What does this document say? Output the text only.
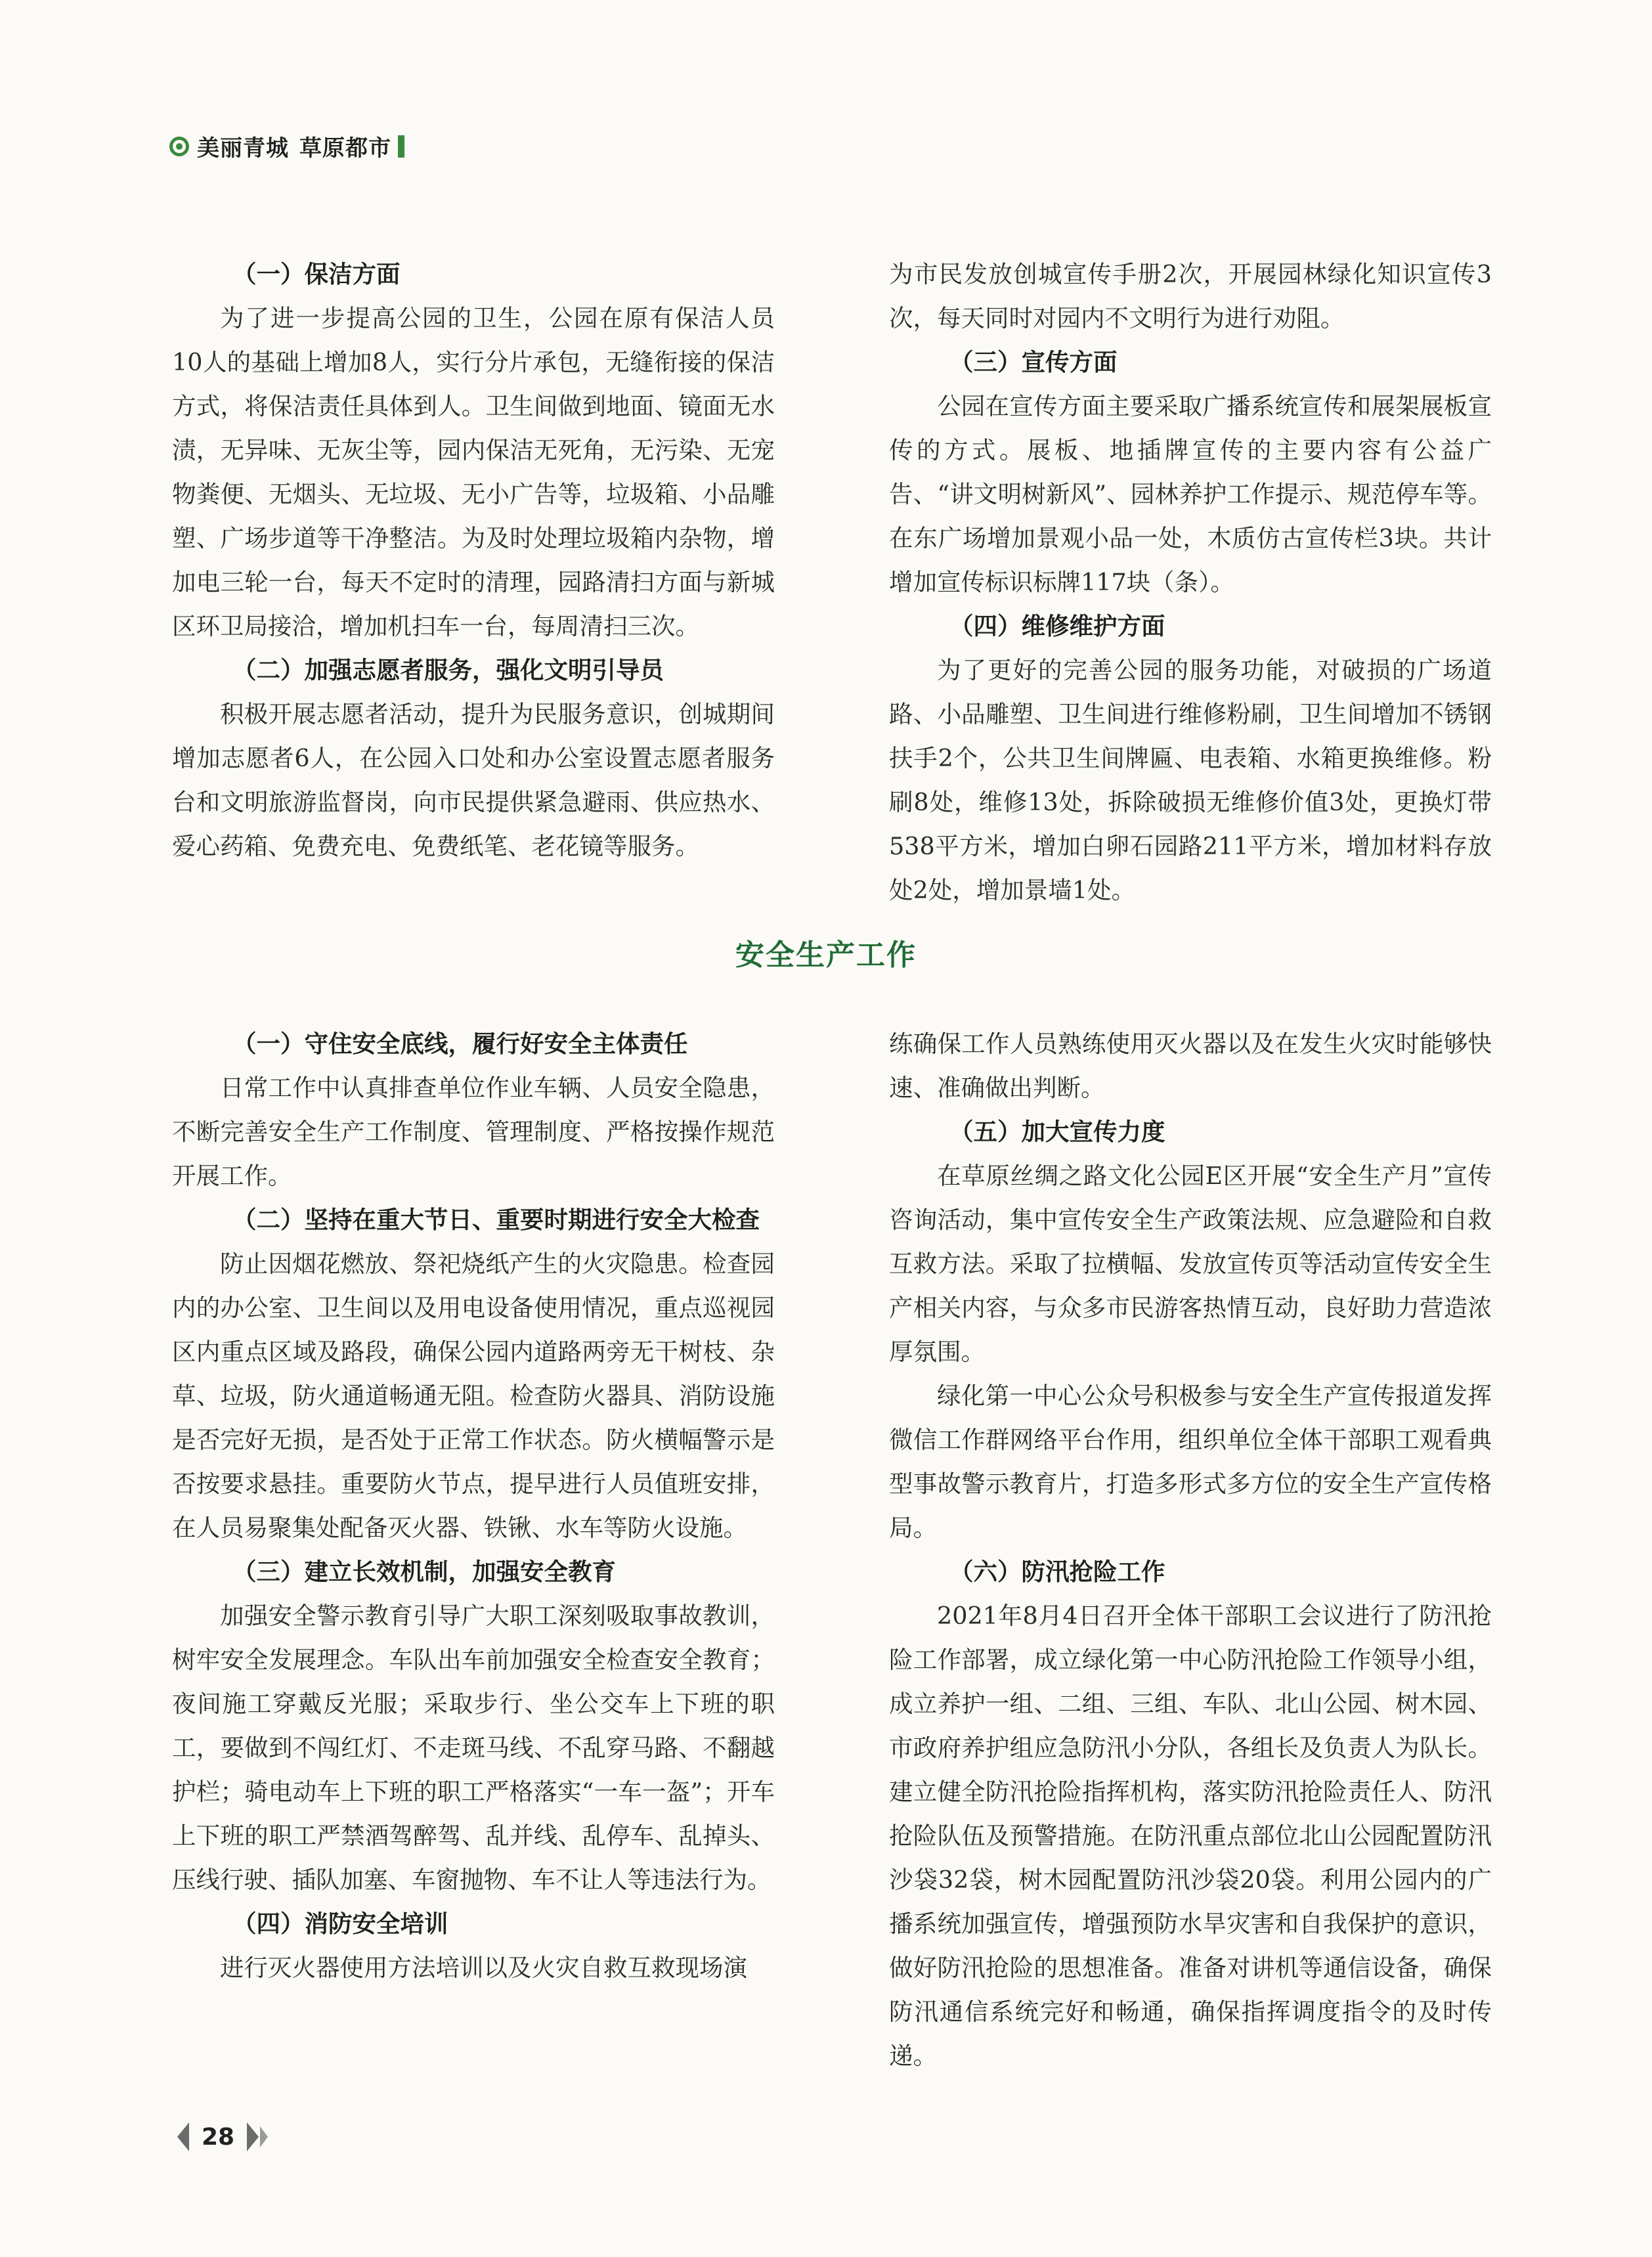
美丽青城 草原都市
（一）保洁方面

为了进一步提高公园的卫生，公园在原有保洁人员10人的基础上增加8人，实行分片承包，无缝衔接的保洁方式，将保洁责任具体到人。卫生间做到地面、镜面无水渍，无异味、无灰尘等，园内保洁无死角，无污染、无宠物粪便、无烟头、无垃圾、无小广告等，垃圾箱、小品雕塑、广场步道等干净整洁。为及时处理垃圾箱内杂物，增加电三轮一台，每天不定时的清理，园路清扫方面与新城区环卫局接洽，增加机扫车一台，每周清扫三次。

（二）加强志愿者服务，强化文明引导员

积极开展志愿者活动，提升为民服务意识，创城期间增加志愿者6人，在公园入口处和办公室设置志愿者服务台和文明旅游监督岗，向市民提供紧急避雨、供应热水、爱心药箱、免费充电、免费纸笔、老花镜等服务。

为市民发放创城宣传手册2次，开展园林绿化知识宣传3次，每天同时对园内不文明行为进行劝阻。

（三）宣传方面

公园在宣传方面主要采取广播系统宣传和展架展板宣传的方式。展板、地插牌宣传的主要内容有公益广告、“讲文明树新风”、园林养护工作提示、规范停车等。在东广场增加景观小品一处，木质仿古宣传栏3块。共计增加宣传标识标牌117块（条）。

（四）维修维护方面

为了更好的完善公园的服务功能，对破损的广场道路、小品雕塑、卫生间进行维修粉刷，卫生间增加不锈钢扶手2个，公共卫生间牌匾、电表箱、水箱更换维修。粉刷8处，维修13处，拆除破损无维修价值3处，更换灯带538平方米，增加白卵石园路211平方米，增加材料存放处2处，增加景墙1处。

安全生产工作
（一）守住安全底线，履行好安全主体责任

日常工作中认真排查单位作业车辆、人员安全隐患，不断完善安全生产工作制度、管理制度、严格按操作规范开展工作。

（二）坚持在重大节日、重要时期进行安全大检查

防止因烟花燃放、祭祀烧纸产生的火灾隐患。检查园内的办公室、卫生间以及用电设备使用情况，重点巡视园区内重点区域及路段，确保公园内道路两旁无干树枝、杂草、垃圾，防火通道畅通无阻。检查防火器具、消防设施是否完好无损，是否处于正常工作状态。防火横幅警示是否按要求悬挂。重要防火节点，提早进行人员值班安排，在人员易聚集处配备灭火器、铁锹、水车等防火设施。

（三）建立长效机制，加强安全教育

加强安全警示教育引导广大职工深刻吸取事故教训，树牢安全发展理念。车队出车前加强安全检查安全教育；夜间施工穿戴反光服；采取步行、坐公交车上下班的职工，要做到不闯红灯、不走斑马线、不乱穿马路、不翻越护栏；骑电动车上下班的职工严格落实“一车一盔”；开车上下班的职工严禁酒驾醉驾、乱并线、乱停车、乱掉头、压线行驶、插队加塞、车窗抛物、车不让人等违法行为。

（四）消防安全培训

进行灭火器使用方法培训以及火灾自救互救现场演

练确保工作人员熟练使用灭火器以及在发生火灾时能够快速、准确做出判断。

（五）加大宣传力度

在草原丝绸之路文化公园E区开展“安全生产月”宣传咨询活动，集中宣传安全生产政策法规、应急避险和自救互救方法。采取了拉横幅、发放宣传页等活动宣传安全生产相关内容，与众多市民游客热情互动，良好助力营造浓厚氛围。

绿化第一中心公众号积极参与安全生产宣传报道发挥微信工作群网络平台作用，组织单位全体干部职工观看典型事故警示教育片，打造多形式多方位的安全生产宣传格局。

（六）防汛抢险工作

2021年8月4日召开全体干部职工会议进行了防汛抢险工作部署，成立绿化第一中心防汛抢险工作领导小组，成立养护一组、二组、三组、车队、北山公园、树木园、市政府养护组应急防汛小分队，各组长及负责人为队长。建立健全防汛抢险指挥机构，落实防汛抢险责任人、防汛抢险队伍及预警措施。在防汛重点部位北山公园配置防汛沙袋32袋，树木园配置防汛沙袋20袋。利用公园内的广播系统加强宣传，增强预防水旱灾害和自我保护的意识，做好防汛抢险的思想准备。准备对讲机等通信设备，确保防汛通信系统完好和畅通，确保指挥调度指令的及时传递。

28
